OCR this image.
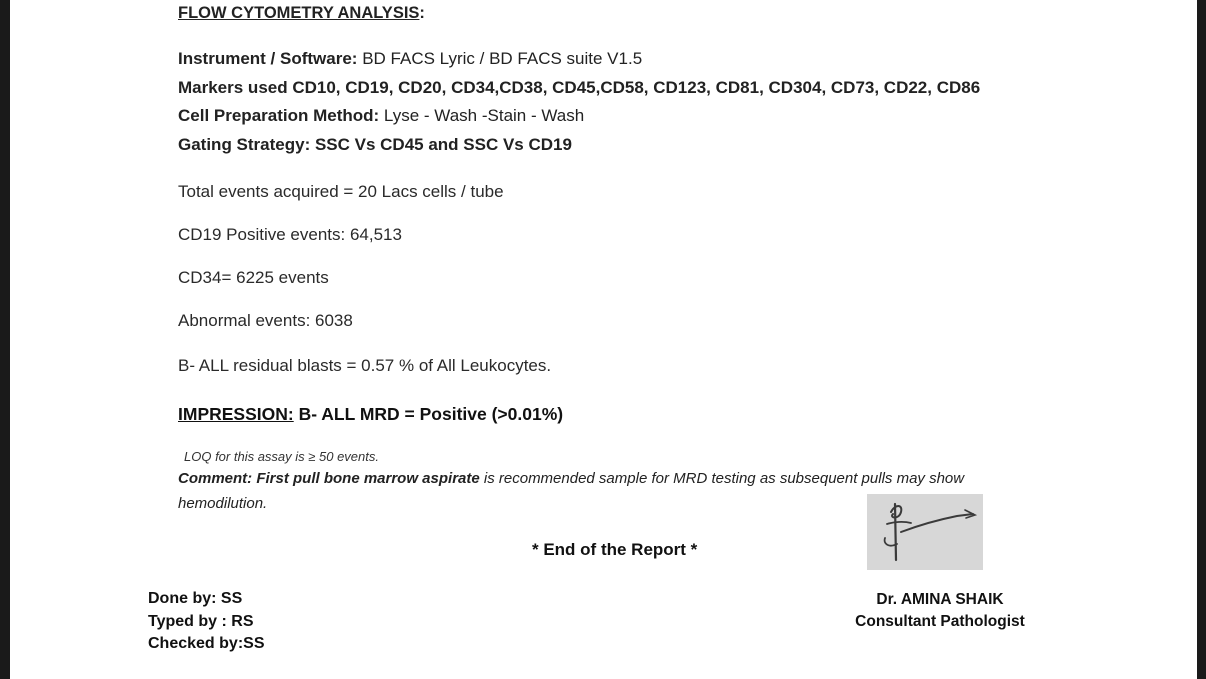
FLOW CYTOMETRY ANALYSIS:
Instrument / Software: BD FACS Lyric / BD FACS suite V1.5
Markers used CD10, CD19, CD20, CD34,CD38, CD45,CD58, CD123, CD81, CD304, CD73, CD22, CD86
Cell Preparation Method: Lyse - Wash -Stain - Wash
Gating Strategy: SSC Vs CD45 and SSC Vs CD19
Total events acquired = 20 Lacs cells / tube
CD19 Positive events: 64,513
CD34= 6225 events
Abnormal events: 6038
B- ALL residual blasts = 0.57 % of All Leukocytes.
IMPRESSION: B- ALL MRD = Positive (>0.01%)
LOQ for this assay is ≥ 50 events.
Comment: First pull bone marrow aspirate is recommended sample for MRD testing as subsequent pulls may show
hemodilution.
* End of the Report *
Done by: SS
Typed by : RS
Checked by:SS
Dr. AMINA SHAIK
Consultant Pathologist
